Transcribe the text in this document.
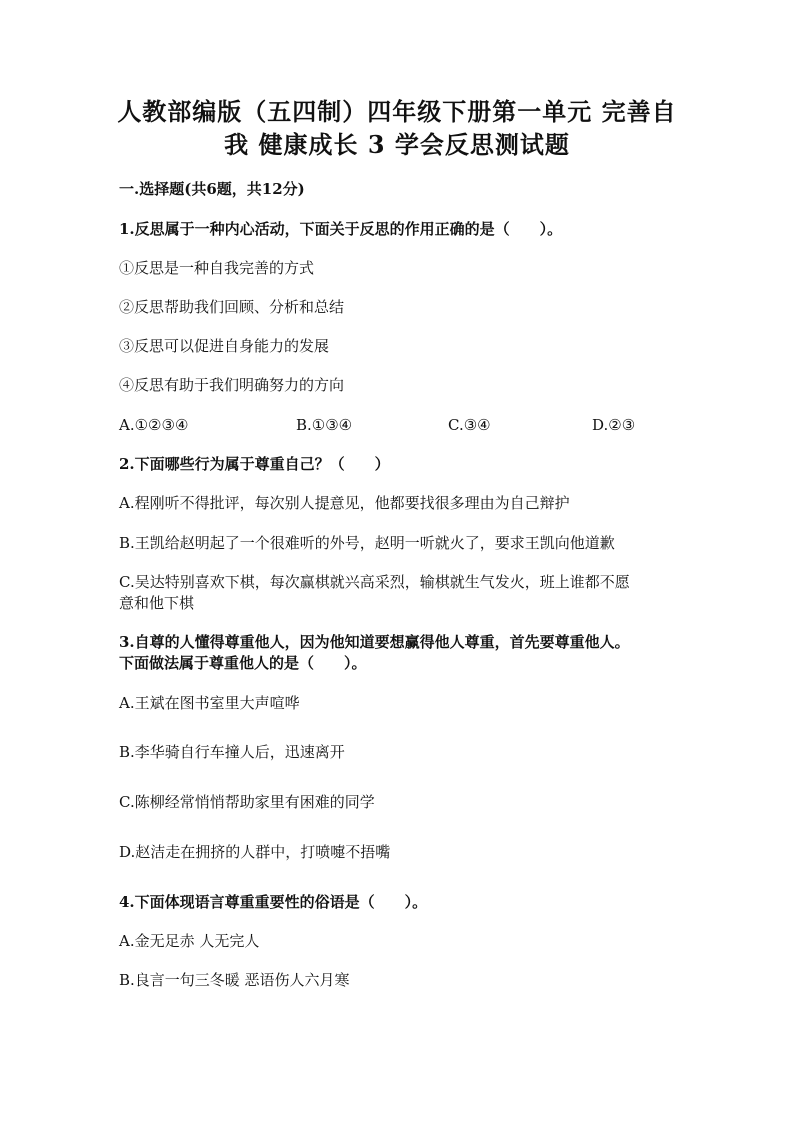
人教部编版（五四制）四年级下册第一单元 完善自
我 健康成长 3 学会反思测试题
一.选择题(共6题，共12分)
1.反思属于一种内心活动，下面关于反思的作用正确的是（　　）。
①反思是一种自我完善的方式
②反思帮助我们回顾、分析和总结
③反思可以促进自身能力的发展
④反思有助于我们明确努力的方向
A.①②③④	B.①③④	C.③④	D.②③
2.下面哪些行为属于尊重自己？（　　）
A.程刚听不得批评，每次别人提意见，他都要找很多理由为自己辩护
B.王凯给赵明起了一个很难听的外号，赵明一听就火了，要求王凯向他道歉
C.吴达特别喜欢下棋，每次赢棋就兴高采烈，输棋就生气发火，班上谁都不愿
意和他下棋
3.自尊的人懂得尊重他人，因为他知道要想赢得他人尊重，首先要尊重他人。
下面做法属于尊重他人的是（　　）。
A.王斌在图书室里大声喧哗
B.李华骑自行车撞人后，迅速离开
C.陈柳经常悄悄帮助家里有困难的同学
D.赵洁走在拥挤的人群中，打喷嚏不捂嘴
4.下面体现语言尊重重要性的俗语是（　　）。
A.金无足赤 人无完人
B.良言一句三冬暖 恶语伤人六月寒
